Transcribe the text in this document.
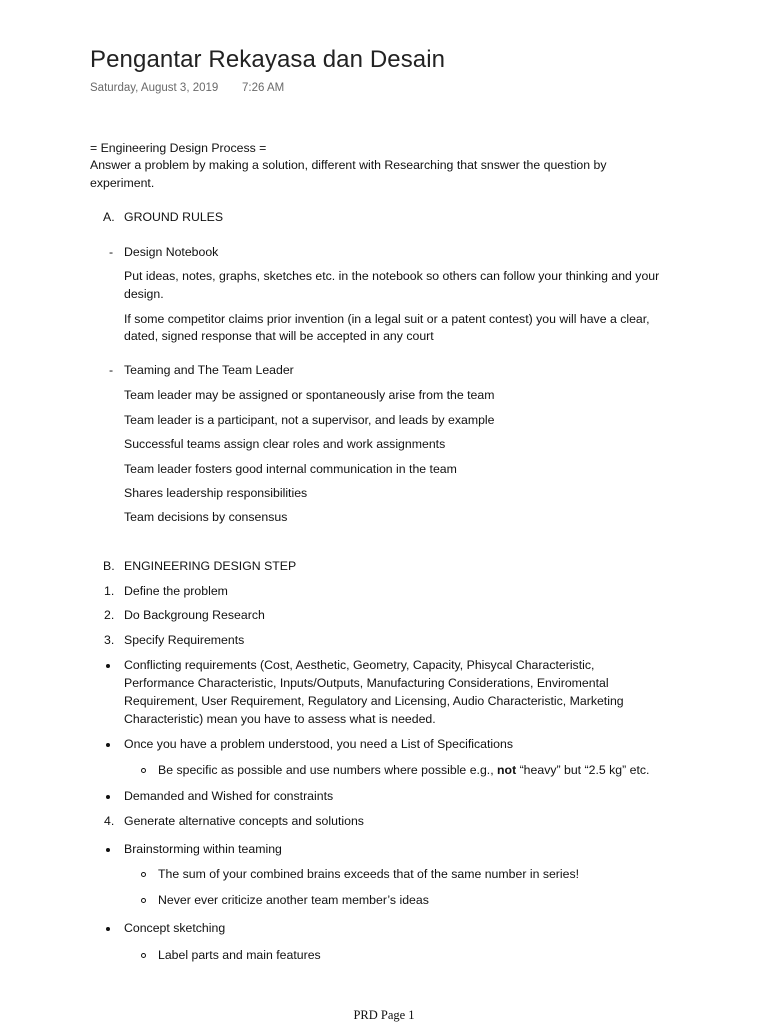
Pengantar Rekayasa dan Desain
Saturday, August 3, 2019 7:26 AM
= Engineering Design Process =
Answer a problem by making a solution, different with Researching that snswer the question by
experiment.
A. GROUND RULES
- Design Notebook
Put ideas, notes, graphs, sketches etc. in the notebook so others can follow your thinking and your
design.
If some competitor claims prior invention (in a legal suit or a patent contest) you will have a clear,
dated, signed response that will be accepted in any court
- Teaming and The Team Leader
Team leader may be assigned or spontaneously arise from the team
Team leader is a participant, not a supervisor, and leads by example
Successful teams assign clear roles and work assignments
Team leader fosters good internal communication in the team
Shares leadership responsibilities
Team decisions by consensus
B. ENGINEERING DESIGN STEP
1. Define the problem
2. Do Backgroung Research
3. Specify Requirements
Conflicting requirements (Cost, Aesthetic, Geometry, Capacity, Phisycal Characteristic,
Performance Characteristic, Inputs/Outputs, Manufacturing Considerations, Enviromental
Requirement, User Requirement, Regulatory and Licensing, Audio Characteristic, Marketing
Characteristic) mean you have to assess what is needed.
Once you have a problem understood, you need a List of Specifications
Be specific as possible and use numbers where possible e.g., not “heavy” but “2.5 kg” etc.
Demanded and Wished for constraints
4. Generate alternative concepts and solutions
Brainstorming within teaming
The sum of your combined brains exceeds that of the same number in series!
Never ever criticize another team member’s ideas
Concept sketching
Label parts and main features
PRD Page 1
